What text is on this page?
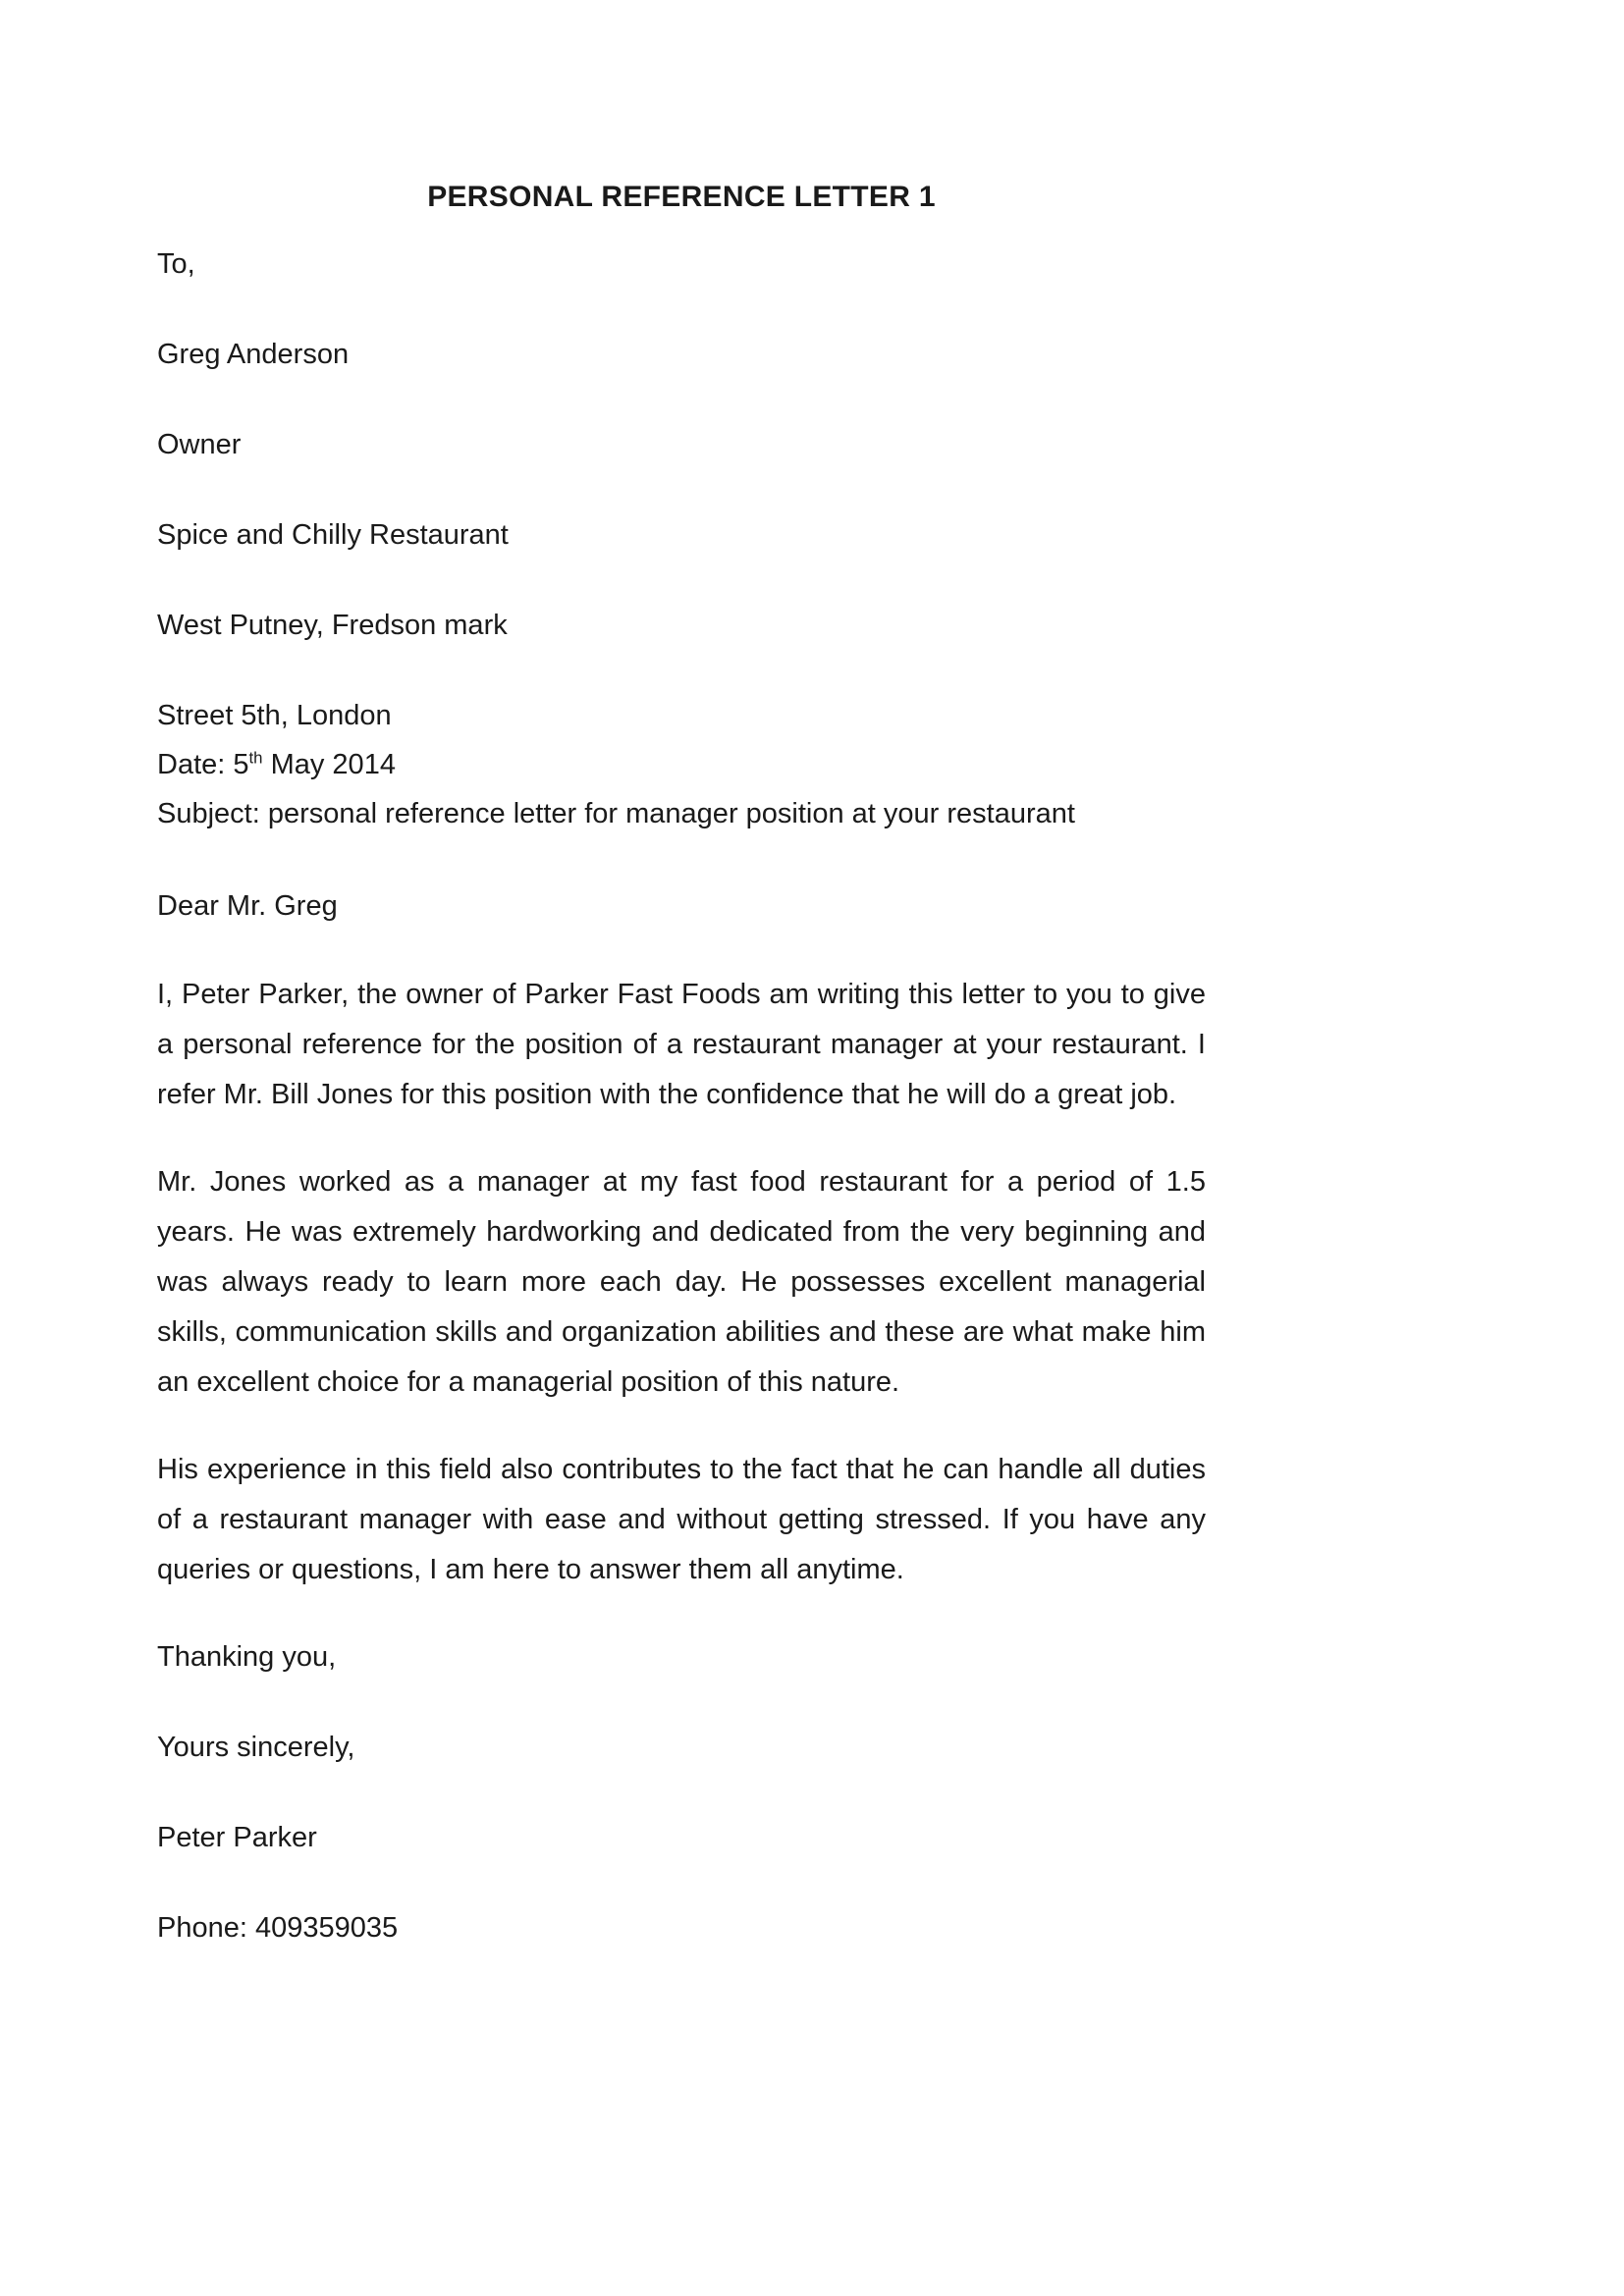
PERSONAL REFERENCE LETTER 1

To,

Greg Anderson

Owner

Spice and Chilly Restaurant

West Putney, Fredson mark

Street 5th, London

Date: 5th May 2014

Subject: personal reference letter for manager position at your restaurant

Dear Mr. Greg

I, Peter Parker, the owner of Parker Fast Foods am writing this letter to you to give a personal reference for the position of a restaurant manager at your restaurant. I refer Mr. Bill Jones for this position with the confidence that he will do a great job.

Mr. Jones worked as a manager at my fast food restaurant for a period of 1.5 years. He was extremely hardworking and dedicated from the very beginning and was always ready to learn more each day. He possesses excellent managerial skills, communication skills and organization abilities and these are what make him an excellent choice for a managerial position of this nature.

His experience in this field also contributes to the fact that he can handle all duties of a restaurant manager with ease and without getting stressed. If you have any queries or questions, I am here to answer them all anytime.

Thanking you,

Yours sincerely,

Peter Parker

Phone: 409359035
